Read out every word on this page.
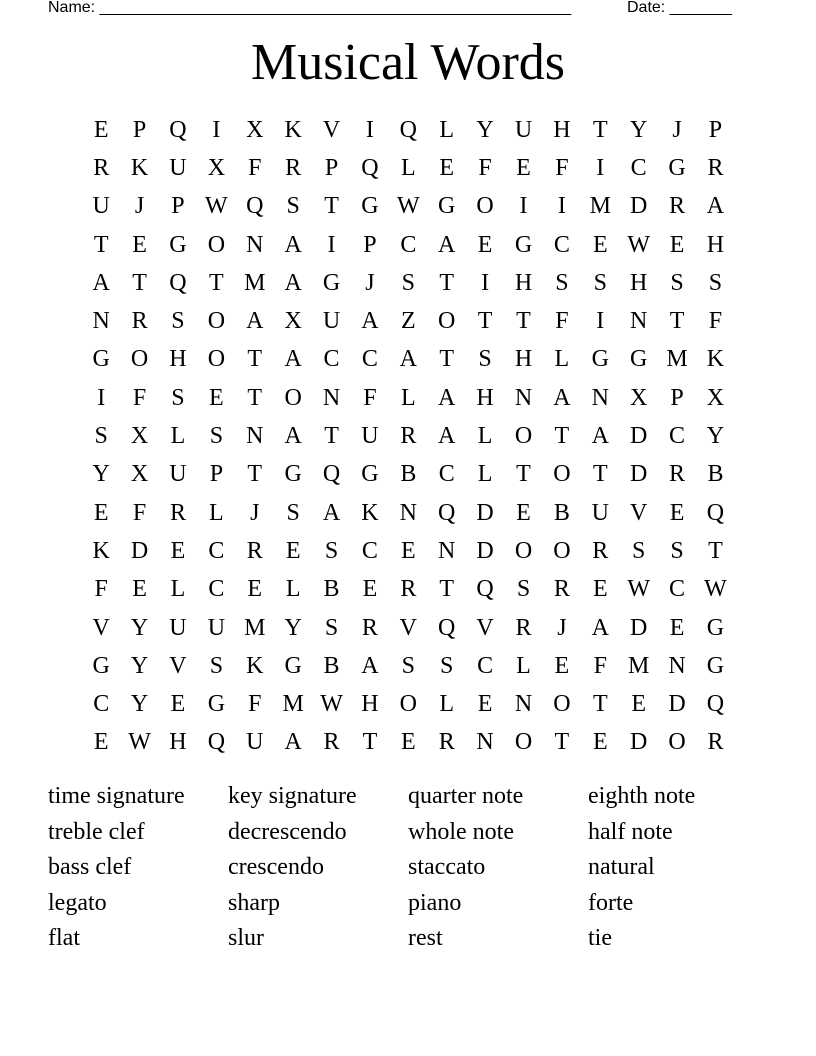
Name: _____________________________________________________	Date: _______
Musical Words
E	P Q	I	X K V	I	Q L Y U H T Y	J	P
R K U X F R P Q L E	F	E	F	I	C G R
U	J	P W Q S	T G W G O	I	I M D R A
T E G O N A	I	P C A E G C E W E H
A T Q T M A G	J	S	T	I	H S	S H S	S
N R S O A X U A Z O T T	F	I	N T	F
G O H O T A C C A T	S H L G G M K
I	F	S	E T O N F	L A H N A N X P X
S X L	S N A T U R A L O T A D C Y
Y X U P	T G Q G B C L T O T D R B
E	F R L	J	S A K N Q D E B U V E Q
K D E C R E	S C E N D O O R S	S	T
F	E L C E L B E R T Q S R E W C W
V Y U U M Y S R V Q V R	J	A D E G
G Y V S K G B A S	S C L E	F M N G
C Y E G F M W H O L E N O T E D Q
E W H Q U A R T E R N O T E D O R
time signature	key signature	quarter note	eighth note
treble clef	decrescendo	whole note	half note
bass clef	crescendo	staccato	natural
legato	sharp	piano	forte
flat	slur	rest	tie
